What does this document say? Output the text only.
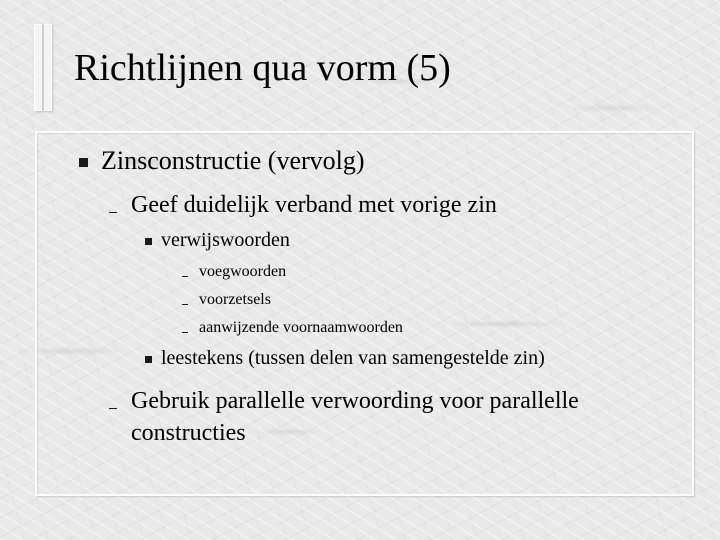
Richtlijnen qua vorm (5)
Zinsconstructie (vervolg)
Geef duidelijk verband met vorige zin
verwijswoorden
voegwoorden
voorzetsels
aanwijzende voornaamwoorden
leestekens (tussen delen van samengestelde zin)
Gebruik parallelle verwoording voor parallelle
constructies
